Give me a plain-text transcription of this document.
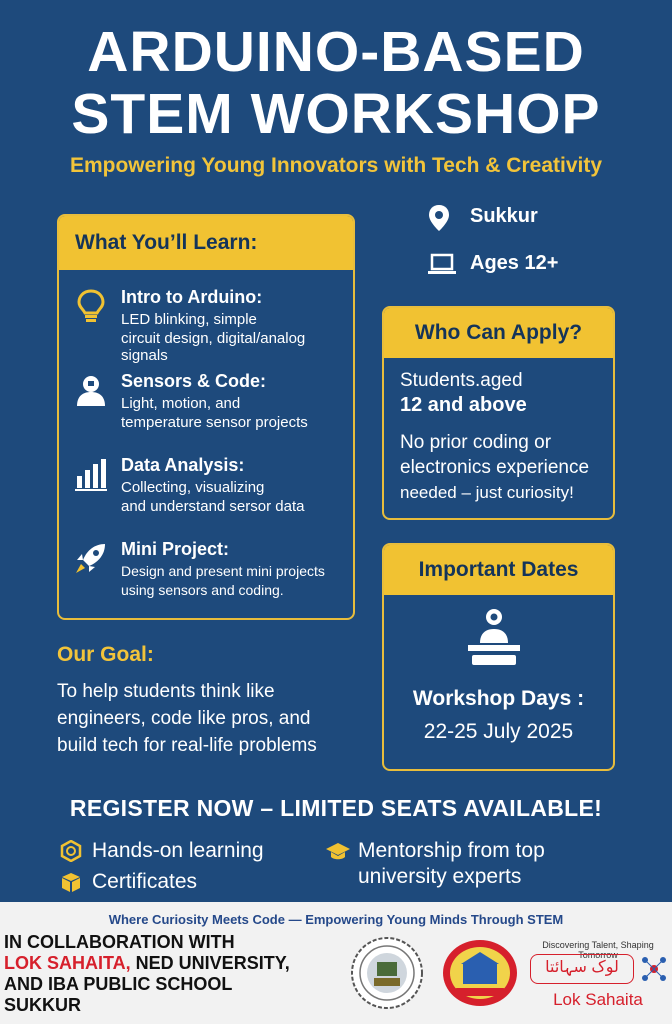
ARDUINO-BASED
STEM WORKSHOP
Empowering Young Innovators with Tech & Creativity
What You’ll Learn:
Intro to Arduino:
LED blinking, simple
circuit design, digital/analog
signals
Sensors & Code:
Light, motion, and
temperature sensor projects
Data Analysis:
Collecting, visualizing
and understand sersor data
Mini Project:
Design and present mini projects
using sensors and coding.
Sukkur
Ages 12+
Who Can Apply?
Students.aged
12 and above
No prior coding or
electronics experience
needed – just curiosity!
Important Dates
Workshop Days :
22-25 July 2025
Our Goal:
To help students think like
engineers, code like pros, and
build tech for real-life problems
REGISTER NOW – LIMITED SEATS AVAILABLE!
Hands-on learning
Certificates
Mentorship from top
university experts
Where Curiosity Meets Code — Empowering Young Minds Through STEM
IN COLLABORATION WITH
LOK SAHAITA, NED UNIVERSITY,
AND IBA PUBLIC SCHOOL
SUKKUR
Discovering Talent, Shaping Tomorrow
لوک سہائتا
Lok Sahaita
